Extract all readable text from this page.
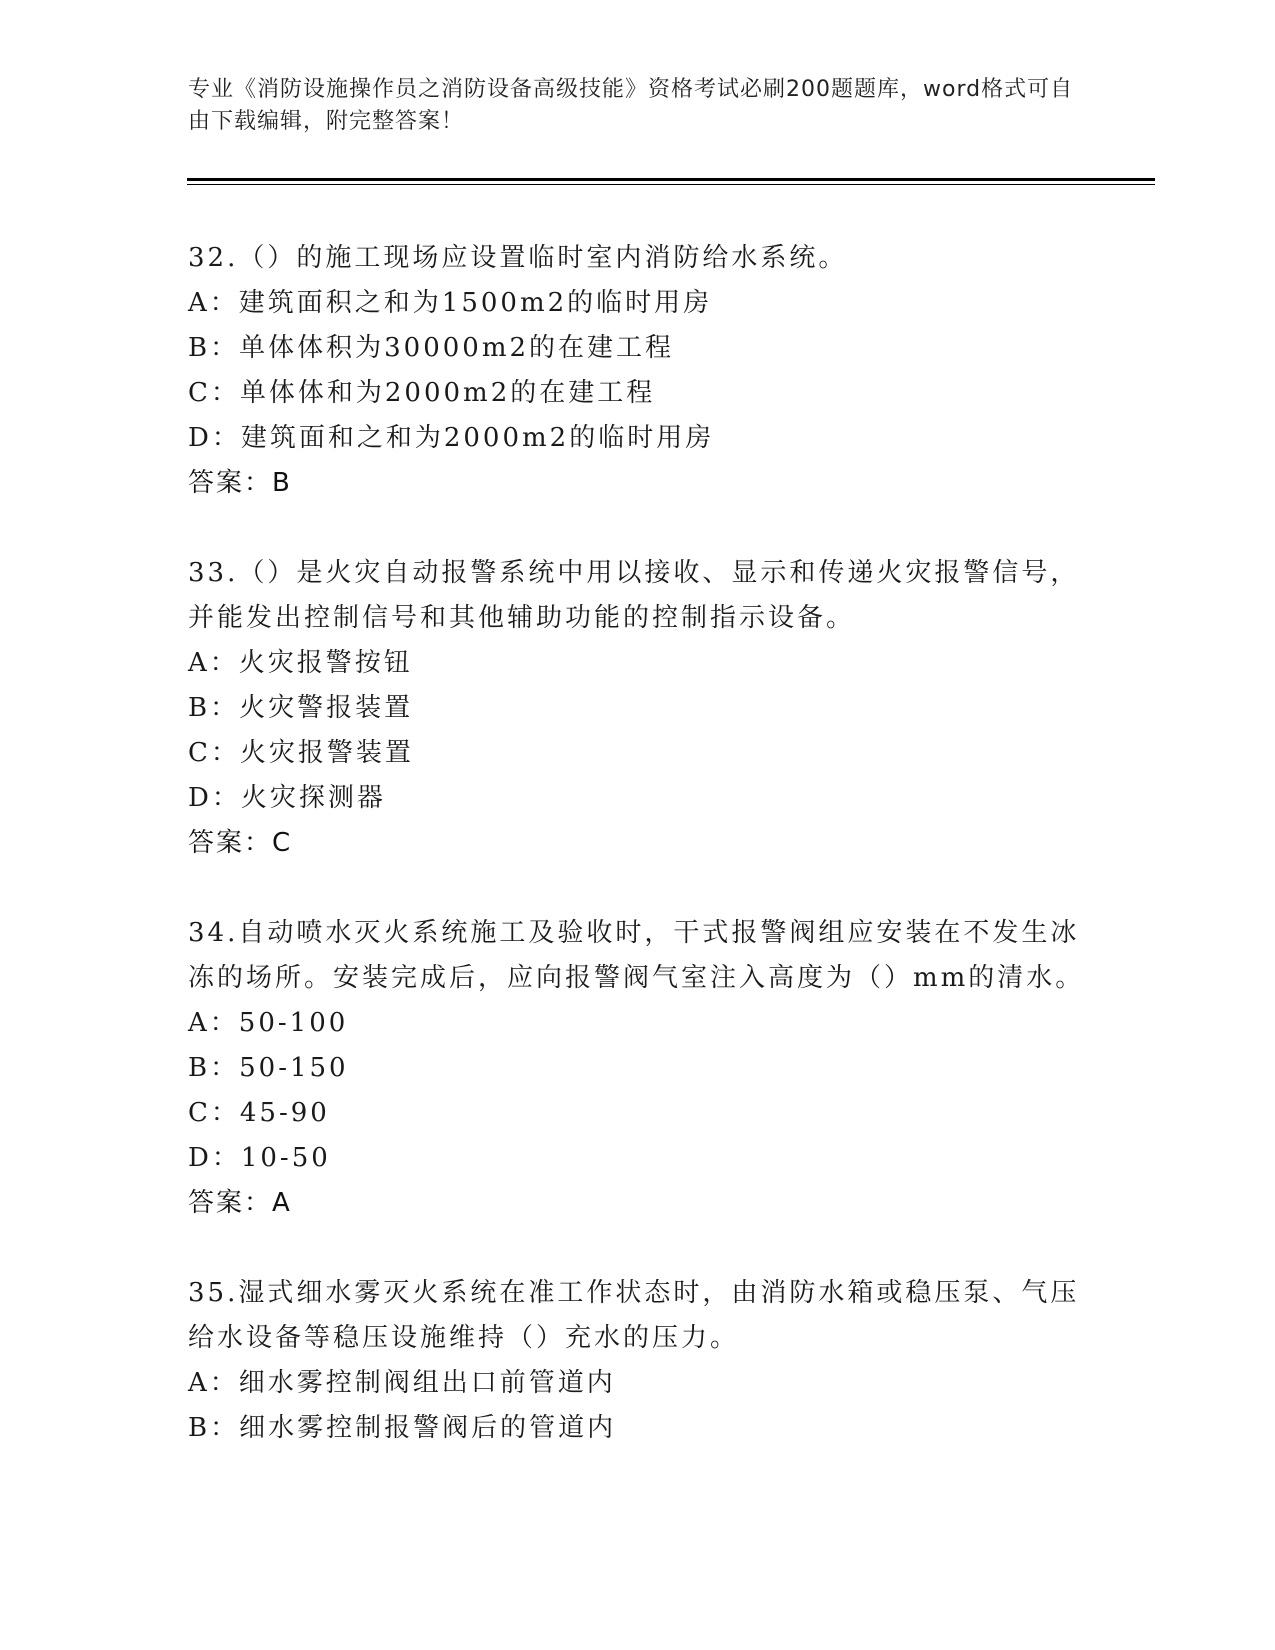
专业《消防设施操作员之消防设备高级技能》资格考试必刷200题题库，word格式可自由下载编辑，附完整答案！
32.（）的施工现场应设置临时室内消防给水系统。
A：建筑面积之和为1500m2的临时用房
B：单体体积为30000m2的在建工程
C：单体体和为2000m2的在建工程
D：建筑面和之和为2000m2的临时用房
答案：B
33.（）是火灾自动报警系统中用以接收、显示和传递火灾报警信号，
并能发出控制信号和其他辅助功能的控制指示设备。
A：火灾报警按钮
B：火灾警报装置
C：火灾报警装置
D：火灾探测器
答案：C
34.自动喷水灭火系统施工及验收时，干式报警阀组应安装在不发生冰
冻的场所。安装完成后，应向报警阀气室注入高度为（）mm的清水。
A：50-100
B：50-150
C：45-90
D：10-50
答案：A
35.湿式细水雾灭火系统在准工作状态时，由消防水箱或稳压泵、气压
给水设备等稳压设施维持（）充水的压力。
A：细水雾控制阀组出口前管道内
B：细水雾控制报警阀后的管道内
